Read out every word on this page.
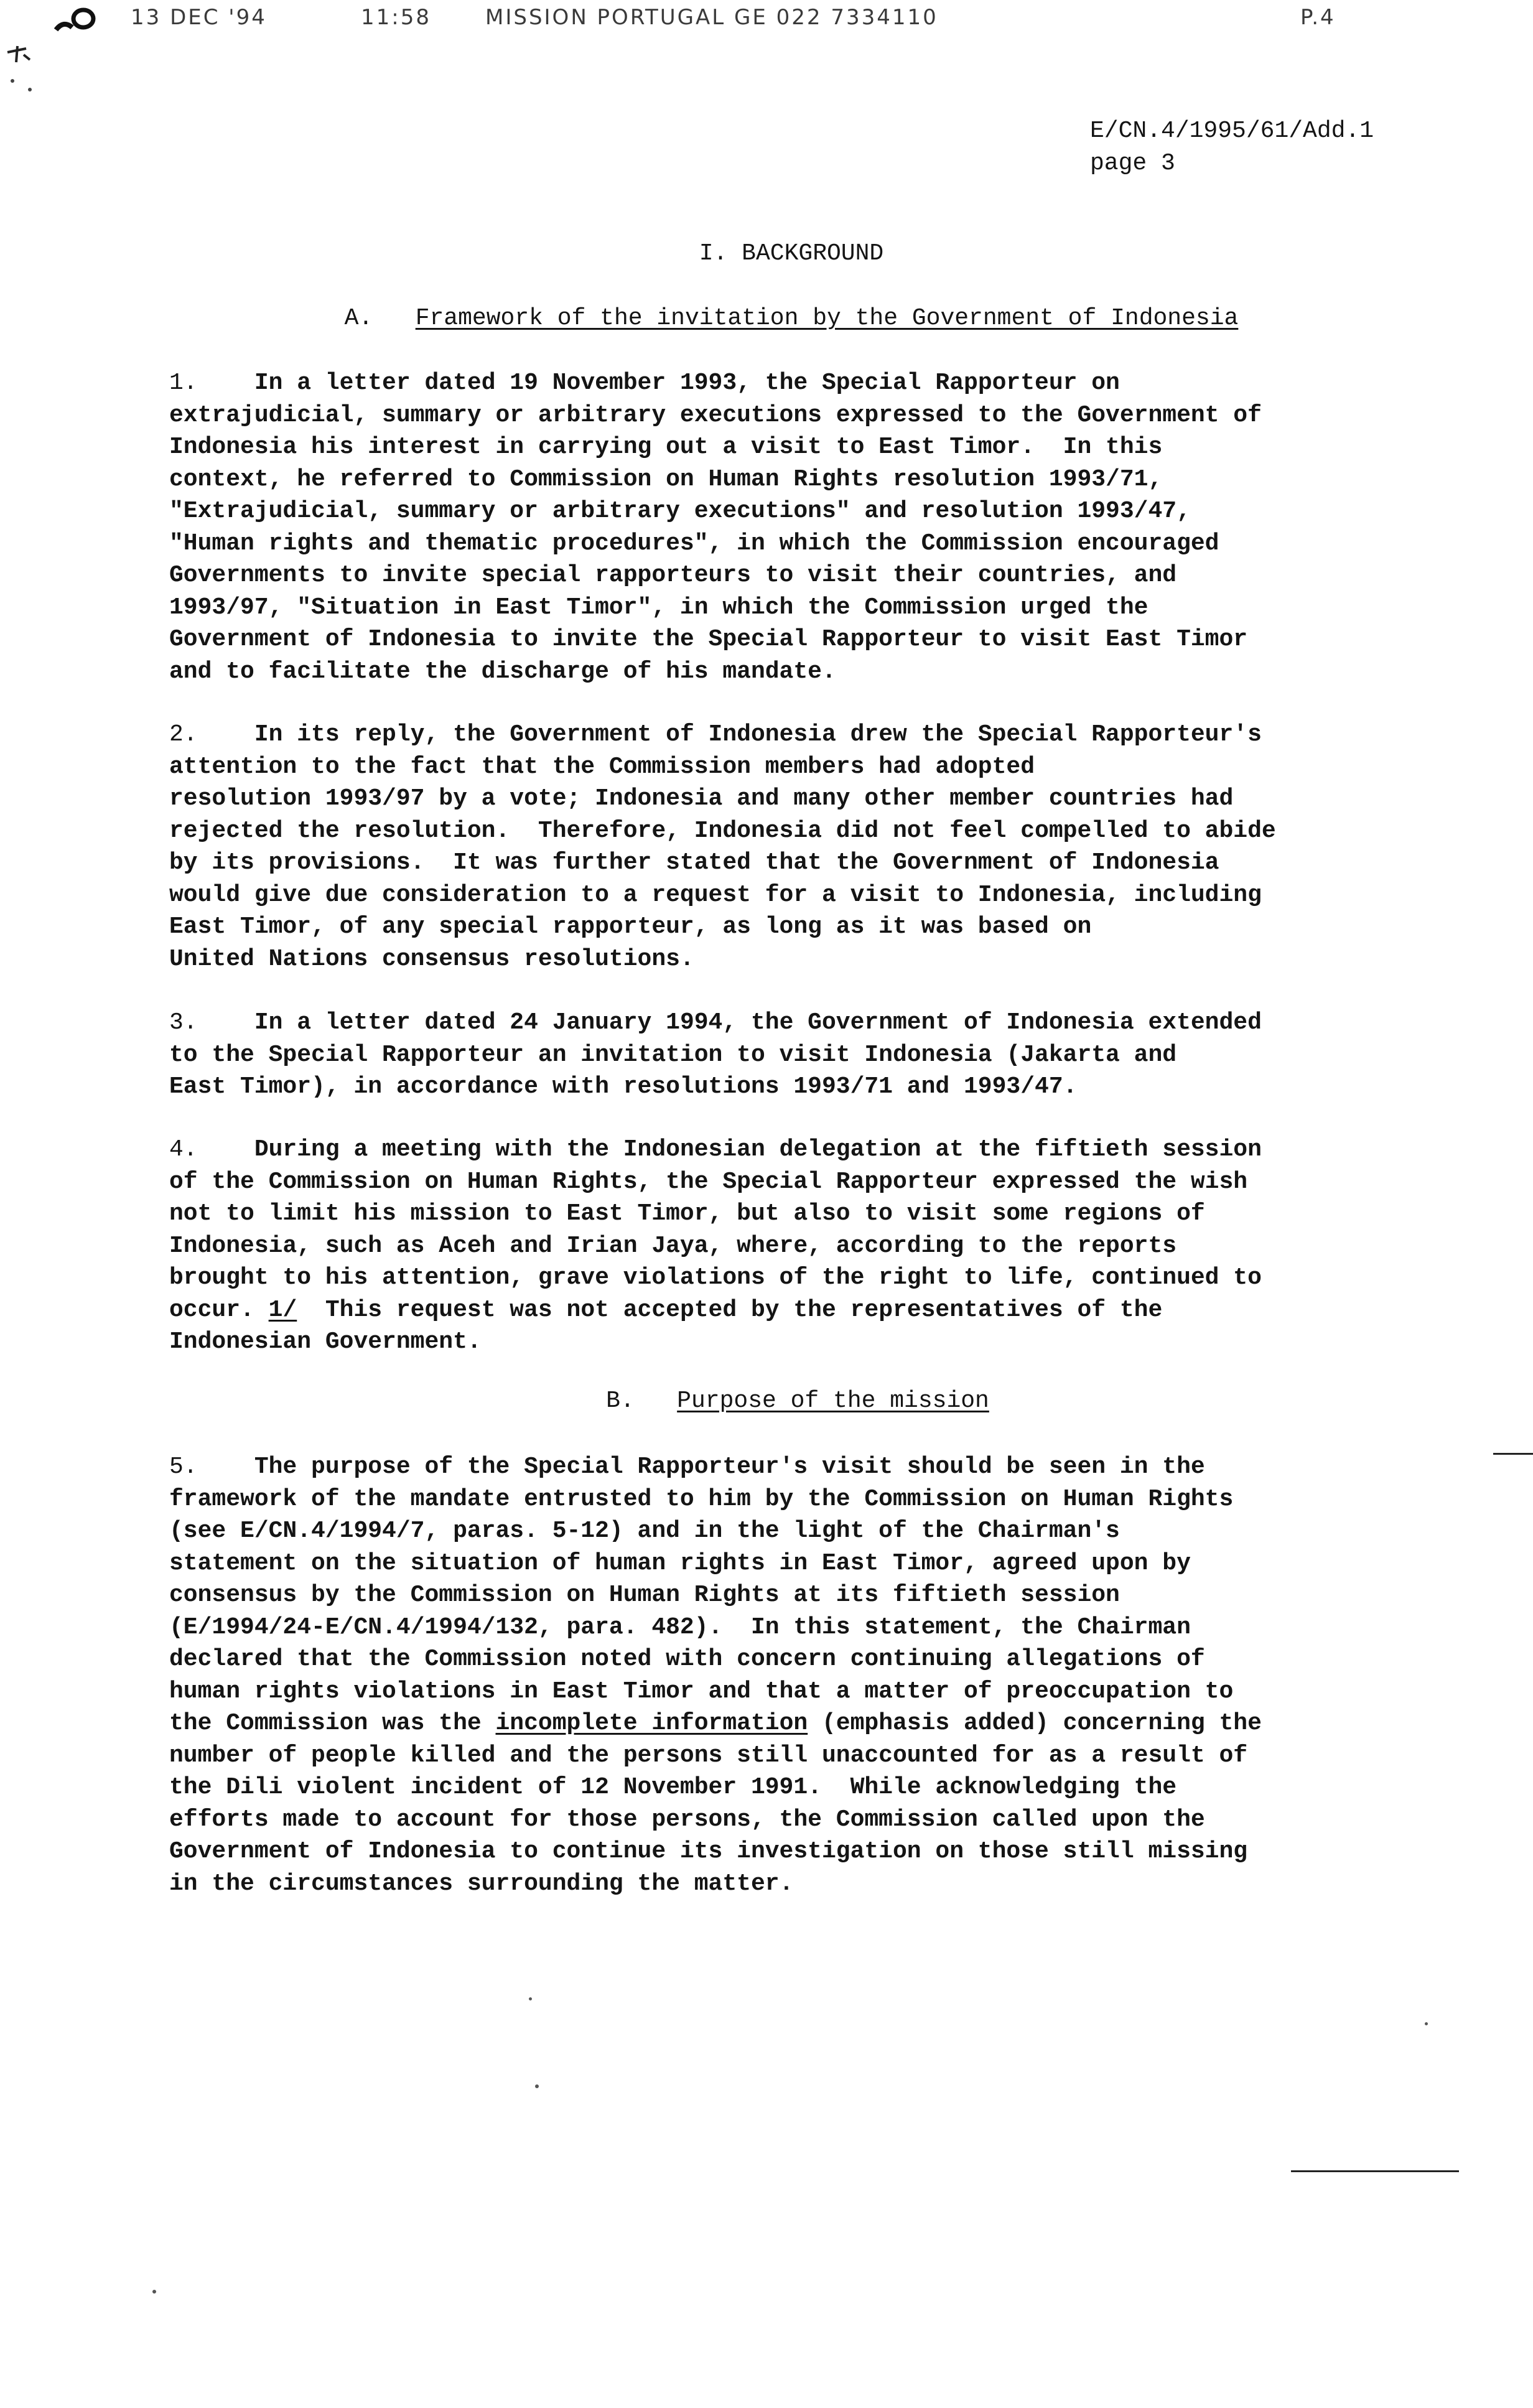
13 DEC '94	11:58	MISSION PORTUGAL GE 022 7334110	P.4
E/CN.4/1995/61/Add.1
page 3
I. BACKGROUND
A. Framework of the invitation by the Government of Indonesia
1. In a letter dated 19 November 1993, the Special Rapporteur on
extrajudicial, summary or arbitrary executions expressed to the Government of
Indonesia his interest in carrying out a visit to East Timor.  In this
context, he referred to Commission on Human Rights resolution 1993/71,
"Extrajudicial, summary or arbitrary executions" and resolution 1993/47,
"Human rights and thematic procedures", in which the Commission encouraged
Governments to invite special rapporteurs to visit their countries, and
1993/97, "Situation in East Timor", in which the Commission urged the
Government of Indonesia to invite the Special Rapporteur to visit East Timor
and to facilitate the discharge of his mandate.
2. In its reply, the Government of Indonesia drew the Special Rapporteur's
attention to the fact that the Commission members had adopted
resolution 1993/97 by a vote; Indonesia and many other member countries had
rejected the resolution.  Therefore, Indonesia did not feel compelled to abide
by its provisions.  It was further stated that the Government of Indonesia
would give due consideration to a request for a visit to Indonesia, including
East Timor, of any special rapporteur, as long as it was based on
United Nations consensus resolutions.
3. In a letter dated 24 January 1994, the Government of Indonesia extended
to the Special Rapporteur an invitation to visit Indonesia (Jakarta and
East Timor), in accordance with resolutions 1993/71 and 1993/47.
4. During a meeting with the Indonesian delegation at the fiftieth session
of the Commission on Human Rights, the Special Rapporteur expressed the wish
not to limit his mission to East Timor, but also to visit some regions of
Indonesia, such as Aceh and Irian Jaya, where, according to the reports
brought to his attention, grave violations of the right to life, continued to
occur. 1/  This request was not accepted by the representatives of the
Indonesian Government.
B. Purpose of the mission
5. The purpose of the Special Rapporteur's visit should be seen in the
framework of the mandate entrusted to him by the Commission on Human Rights
(see E/CN.4/1994/7, paras. 5-12) and in the light of the Chairman's
statement on the situation of human rights in East Timor, agreed upon by
consensus by the Commission on Human Rights at its fiftieth session
(E/1994/24-E/CN.4/1994/132, para. 482).  In this statement, the Chairman
declared that the Commission noted with concern continuing allegations of
human rights violations in East Timor and that a matter of preoccupation to
the Commission was the incomplete information (emphasis added) concerning the
number of people killed and the persons still unaccounted for as a result of
the Dili violent incident of 12 November 1991.  While acknowledging the
efforts made to account for those persons, the Commission called upon the
Government of Indonesia to continue its investigation on those still missing
in the circumstances surrounding the matter.
